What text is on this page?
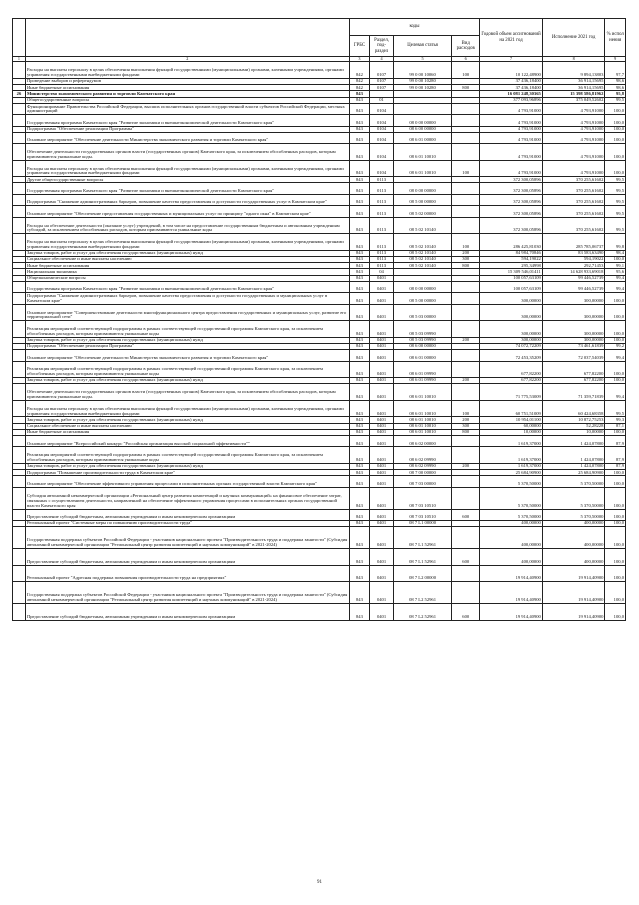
		коды				Годовой объем ассигнований на 2021 год	Исполнение 2021 год	% испол нения
		ГРБС	Раздел, под-раздел	Целевая статья	Вид расходов			
1	2	3	4	5	6	7	8	9
	Расходы на выплаты персоналу в целях обеспечения выполнения функций государственными (муниципальными) органами, казенными учреждениями, органами управления государственными внебюджетными фондами	842	0107	99 0 00 10060	100	10 122,48900	9 894,13803	97,7
	Проведение выборов и референдумов	842	0107	99 0 00 10280		37 436,18400	36 914,15695	98,6
	Иные бюджетные ассигнования	842	0107	99 0 00 10280	800	37 436,18400	36 914,15695	98,6
26	Министерство экономического развития и торговли Камчатского края	843				16 081 248,30365	15 398 586,81962	95,8
	Общегосударственные вопросы	843	01			377 093,96896	375 049,52602	99,5
	Функционирование Правительства Российской Федерации, высших исполнительных органов государственной власти субъектов Российской Федерации, местных администраций	843	0104			4 793,91000	4 793,91000	100,0
	Государственная программа Камчатского края "Развитие экономики и внешнеэкономической деятельности Камчатского края"	843	0104	08 0 00 00000		4 793,91000	4 793,91000	100,0
	Подпрограмма "Обеспечение реализации Программы"	843	0104	08 6 00 00000		4 793,91000	4 793,91000	100,0
	Основное мероприятие "Обеспечение деятельности Министерства экономического развития и торговли Камчатского края"	843	0104	08 6 01 00000		4 793,91000	4 793,91000	100,0
	Обеспечение деятельности государственных органов власти (государственных органов) Камчатского края, за исключением обособленных расходов, которым присваиваются уникальные коды.	843	0104	08 6 01 10010		4 793,91000	4 793,91000	100,0
	Расходы на выплаты персоналу в целях обеспечения выполнения функций государственными (муниципальными) органами, казенными учреждениями, органами управления государственными внебюджетными фондами	843	0104	08 6 01 10010	100	4 793,91000	4 793,91000	100,0
	Другие общегосударственные вопросы	843	0113			372 300,05896	370 255,61602	99,5
	Государственная программа Камчатского края "Развитие экономики и внешнеэкономической деятельности Камчатского края"	843	0113	08 0 00 00000		372 300,05896	370 255,61602	99,5
	Подпрограмма "Снижение административных барьеров, повышение качества предоставления и доступности государственных услуг в Камчатском крае"	843	0113	08 5 00 00000		372 300,05896	370 255,61602	99,5
	Основное мероприятие "Обеспечение предоставления государственных и муниципальных услуг по принципу "одного окна" в Камчатском крае"	843	0113	08 5 02 00000		372 300,05896	370 255,61602	99,5
	Расходы на обеспечение деятельности (оказание услуг) учреждений, в том числе на предоставление государственным бюджетным и автономным учреждениям субсидий, за исключением обособленных расходов, которым присваиваются уникальные коды	843	0113	08 5 02 10140		372 300,05896	370 255,61602	99,5
	Расходы на выплаты персоналу в целях обеспечения выполнения функций государственными (муниципальными) органами, казенными учреждениями, органами управления государственными внебюджетными фондами	843	0113	08 5 02 10140	100	286 425,81030	285 785,06737	99,8
	Закупка товаров, работ и услуг для обеспечения государственных (муниципальных) нужд	843	0113	08 5 02 10140	200	84 984,70846	83 583,63490	98,4
	Социальное обеспечение и иные выплаты населению	843	0113	08 5 02 10140	300	594,19022	594,19022	100,0
	Иные бюджетные ассигнования	843	0113	08 5 02 10140	800	295,34998	292,71453	99,1
	Национальная экономика	843	04			15 309 546,01411	14 628 933,69018	95,6
	Общеэкономические вопросы	843	0401			100 057,63109	99 446,52739	99,4
	Государственная программа Камчатского края "Развитие экономики и внешнеэкономической деятельности Камчатского края"	843	0401	08 0 00 00000		100 057,63109	99 446,52739	99,4
	Подпрограмма "Снижение административных барьеров, повышение качества предоставления и доступности государственных и муниципальных услуг в Камчатском крае"	843	0401	08 5 00 00000		300,00000	300,00000	100,0
	Основное мероприятие "Совершенствование деятельности многофункционального центра предоставления государственных и муниципальных услуг, развитие его территориальной сети"	843	0401	08 5 03 00000		300,00000	300,00000	100,0
	Реализация мероприятий соответствующей подпрограммы в рамках соответствующей государственной программы Камчатского края, за исключением обособленных расходов, которым присваиваются уникальные коды	843	0401	08 5 03 09990		300,00000	300,00000	100,0
	Закупка товаров, работ и услуг для обеспечения государственных (муниципальных) нужд	843	0401	08 5 03 09990	200	300,00000	300,00000	100,0
	Подпрограмма "Обеспечение реализации Программы"	843	0401	08 6 00 00000		74 072,72209	73 461,61839	99,2
	Основное мероприятие "Обеспечение деятельности Министерства экономического развития и торговли Камчатского края"	843	0401	08 6 01 00000		72 453,35209	72 037,54039	99,4
	Реализация мероприятий соответствующей подпрограммы в рамках соответствующей государственной программы Камчатского края, за исключением обособленных расходов, которым присваиваются уникальные коды	843	0401	08 6 01 09990		677,82200	677,82200	100,0
	Закупка товаров, работ и услуг для обеспечения государственных (муниципальных) нужд	843	0401	08 6 01 09990	200	677,82200	677,82200	100,0
	Обеспечение деятельности государственных органов власти (государственных органов) Камчатского края, за исключением обособленных расходов, которым присваиваются уникальные коды.	843	0401	08 6 01 10010		71 775,53009	71 359,71839	99,4
	Расходы на выплаты персоналу в целях обеспечения выполнения функций государственными (муниципальными) органами, казенными учреждениями, органами управления государственными внебюджетными фондами	843	0401	08 6 01 10010	100	60 751,51009	60 424,68358	99,5
	Закупка товаров, работ и услуг для обеспечения государственных (муниципальных) нужд	843	0401	08 6 01 10010	200	10 954,01100	10 872,75253	99,3
	Социальное обеспечение и иные выплаты населению	843	0401	08 6 01 10010	300	60,00000	52,28228	87,1
	Иные бюджетные ассигнования	843	0401	08 6 01 10010	800	10,00000	10,00000	100,0
	Основное мероприятие "Всероссийский конкурс "Российская организация высокой социальной эффективности""	843	0401	08 6 02 00000		1 619,37000	1 424,07800	87,9
	Реализация мероприятий соответствующей подпрограммы в рамках соответствующей государственной программы Камчатского края, за исключением обособленных расходов, которым присваиваются уникальные коды	843	0401	08 6 02 09990		1 619,37000	1 424,07800	87,9
	Закупка товаров, работ и услуг для обеспечения государственных (муниципальных) нужд	843	0401	08 6 02 09990	200	1 619,37000	1 424,07800	87,9
	Подпрограмма "Повышение производительности труда в Камчатском крае"	843	0401	08 7 00 00000		25 684,90900	25 684,90900	100,0
	Основное мероприятие "Обеспечение эффективного управления процессами в исполнительных органах государственной власти Камчатского края"	843	0401	08 7 03 00000		5 370,50000	5 370,50000	100,0
	Субсидия автономной некоммерческой организации «Региональный центр развития компетенций и научных коммуникаций» на финансовое обеспечение затрат, связанных с осуществлением деятельности, направленной на обеспечение эффективного управления процессами в исполнительных органах государственной власти Камчатского края	843	0401	08 7 03 10510		5 370,50000	5 370,50000	100,0
	Предоставление субсидий бюджетным, автономным учреждениям и иным некоммерческим организациям	843	0401	08 7 03 10510	600	5 370,50000	5 370,50000	100,0
	Региональный проект "Системные меры по повышению производительности труда"	843	0401	08 7 L1 00000		400,00000	400,00000	100,0
	Государственная поддержка субъектов Российской Федерации - участников национального проекта "Производительность труда и поддержка занятости" (Субсидия автономной некоммерческой организации "Региональный центр развития компетенций и научных коммуникаций" в 2021-2024)	843	0401	08 7 L1 52961		400,00000	400,00000	100,0
	Предоставление субсидий бюджетным, автономным учреждениям и иным некоммерческим организациям	843	0401	08 7 L1 52961	600	400,00000	400,00000	100,0
	Региональный проект "Адресная поддержка повышения производительности труда на предприятиях"	843	0401	08 7 L2 00000		19 914,40900	19 914,40900	100,0
	Государственная поддержка субъектов Российской Федерации - участников национального проекта "Производительность труда и поддержка занятости" (Субсидия автономной некоммерческой организации "Региональный центр развития компетенций и научных коммуникаций" в 2021-2024)	843	0401	08 7 L2 52961		19 914,40900	19 914,40900	100,0
	Предоставление субсидий бюджетным, автономным учреждениям и иным некоммерческим организациям	843	0401	08 7 L2 52961	600	19 914,40900	19 914,40900	100,0
91
